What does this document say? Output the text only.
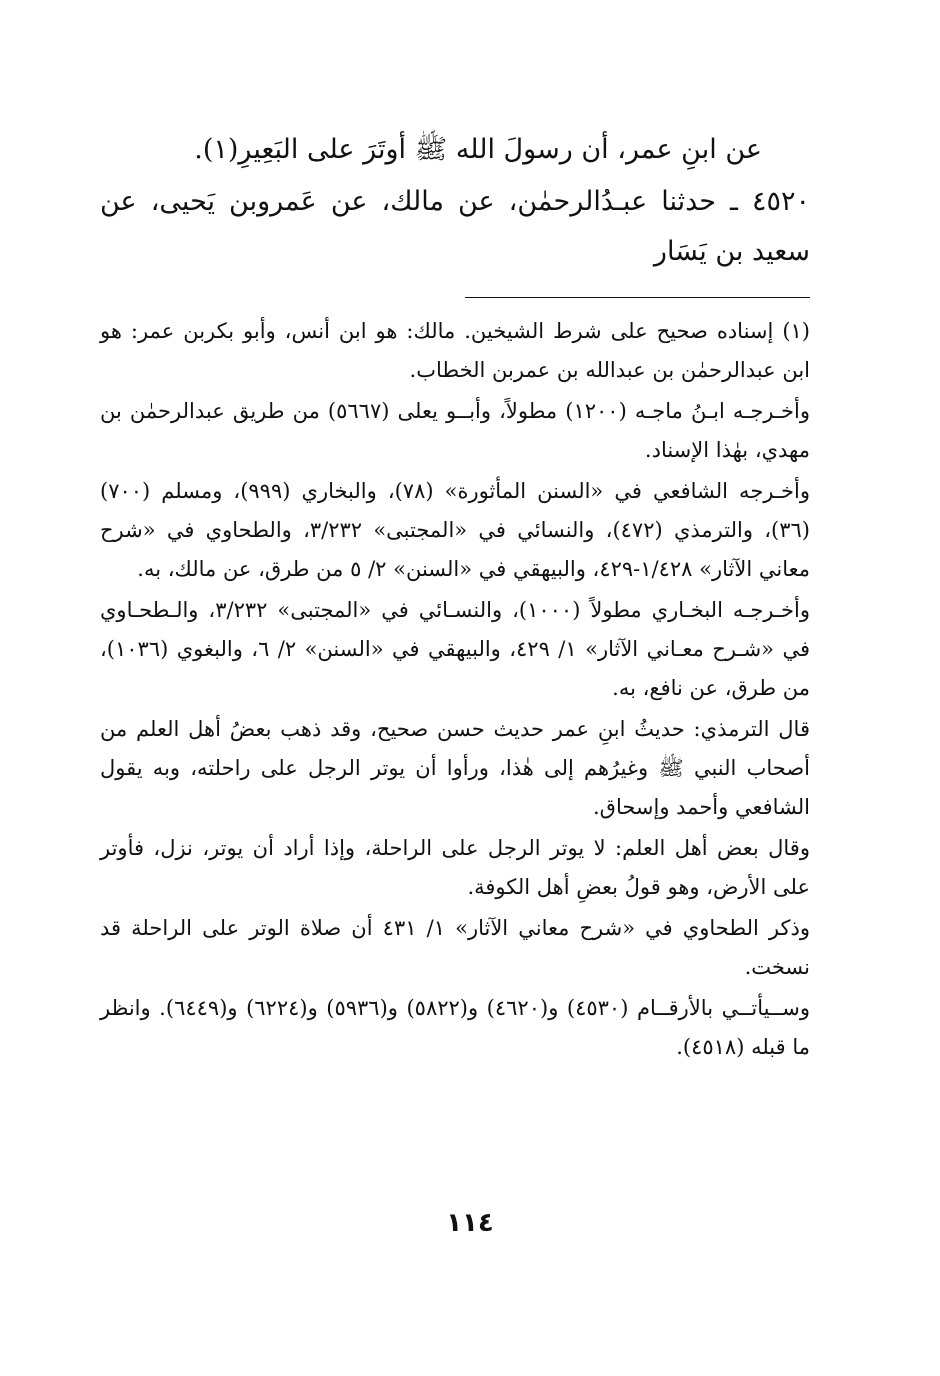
عن ابنِ عمر، أن رسولَ الله ﷺ أوتَرَ على البَعِيرِ(١).

٤٥٢٠ ـ حدثنا عبـدُالرحمٰن، عن مالك، عن عَمروبن يَحيى، عن سعيد بن يَسَار

(١) إسناده صحيح على شرط الشيخين. مالك: هو ابن أنس، وأبو بكربن عمر: هو ابن عبدالرحمٰن بن عبدالله بن عمربن الخطاب.

وأخـرجـه ابـنُ ماجـه (١٢٠٠) مطولاً، وأبــو يعلى (٥٦٦٧) من طريق عبدالرحمٰن بن مهدي، بهٰذا الإسناد.

وأخـرجه الشافعي في «السنن المأثورة» (٧٨)، والبخاري (٩٩٩)، ومسلم (٧٠٠) (٣٦)، والترمذي (٤٧٢)، والنسائي في «المجتبى» ٣/٢٣٢، والطحاوي في «شرح معاني الآثار» ١/٤٢٨-٤٢٩، والبيهقي في «السنن» ٢/ ٥ من طرق، عن مالك، به.

وأخـرجـه البخـاري مطولاً (١٠٠٠)، والنسـائي في «المجتبى» ٣/٢٣٢، والـطحـاوي في «شـرح معـاني الآثار» ١/ ٤٢٩، والبيهقي في «السنن» ٢/ ٦، والبغوي (١٠٣٦)، من طرق، عن نافع، به.

قال الترمذي: حديثُ ابنِ عمر حديث حسن صحيح، وقد ذهب بعضُ أهل العلم من أصحاب النبي ﷺ وغيرُهم إلى هٰذا، ورأوا أن يوتر الرجل على راحلته، وبه يقول الشافعي وأحمد وإسحاق.

وقال بعض أهل العلم: لا يوتر الرجل على الراحلة، وإذا أراد أن يوتر، نزل، فأوتر على الأرض، وهو قولُ بعضِ أهل الكوفة.

وذكر الطحاوي في «شرح معاني الآثار» ١/ ٤٣١ أن صلاة الوتر على الراحلة قد نسخت.

وســيأتــي بالأرقــام (٤٥٣٠) و(٤٦٢٠) و(٥٨٢٢) و(٥٩٣٦) و(٦٢٢٤) و(٦٤٤٩). وانظر ما قبله (٤٥١٨).

١١٤
